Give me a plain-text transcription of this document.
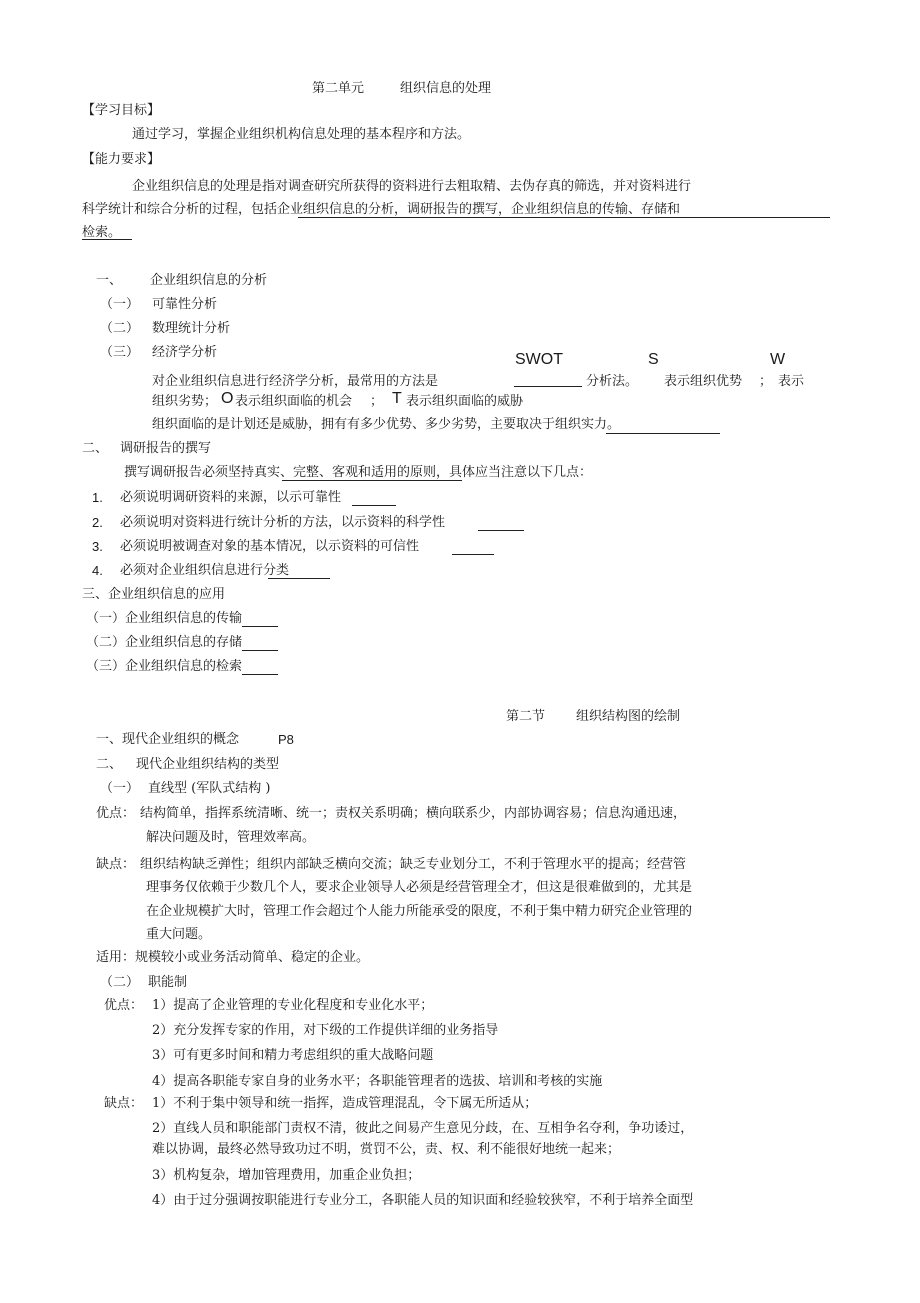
第二单元	组织信息的处理
【学习目标】
通过学习，掌握企业组织机构信息处理的基本程序和方法。
【能力要求】
企业组织信息的处理是指对调查研究所获得的资料进行去粗取精、去伪存真的筛选，并对资料进行
科学统计和综合分析的过程，包括企业组织信息的分析，调研报告的撰写，企业组织信息的传输、存储和
检索。
一、 企业组织信息的分析
（一） 可靠性分析
（二） 数理统计分析
（三） 经济学分析	SWOT	S	W
对企业组织信息进行经济学分析，最常用的方法是	分析法。 表示组织优势 ； 表示
组织劣势； O 表示组织面临的机会 ； T 表示组织面临的威胁
组织面临的是计划还是威胁，拥有有多少优势、多少劣势，主要取决于组织实力。
二、 调研报告的撰写
撰写调研报告必须坚持真实、完整、客观和适用的原则，具体应当注意以下几点：
1. 必须说明调研资料的来源，以示可靠性
2. 必须说明对资料进行统计分析的方法，以示资料的科学性
3. 必须说明被调查对象的基本情况，以示资料的可信性
4. 必须对企业组织信息进行分类
三、企业组织信息的应用
（一）企业组织信息的传输
（二）企业组织信息的存储
（三）企业组织信息的检索
第二节 组织结构图的绘制
一、现代企业组织的概念	P8
二、 现代企业组织结构的类型
（一） 直线型 (军队式结构 )
优点： 结构简单，指挥系统清晰、统一；责权关系明确；横向联系少，内部协调容易；信息沟通迅速，
解决问题及时，管理效率高。
缺点： 组织结构缺乏弹性；组织内部缺乏横向交流；缺乏专业划分工，不利于管理水平的提高；经营管
理事务仅依赖于少数几个人，要求企业领导人必须是经营管理全才，但这是很难做到的，尤其是
在企业规模扩大时，管理工作会超过个人能力所能承受的限度，不利于集中精力研究企业管理的
重大问题。
适用：规模较小或业务活动简单、稳定的企业。
（二） 职能制
优点： 1）提高了企业管理的专业化程度和专业化水平；
2）充分发挥专家的作用，对下级的工作提供详细的业务指导
3）可有更多时间和精力考虑组织的重大战略问题
4）提高各职能专家自身的业务水平；各职能管理者的选拔、培训和考核的实施
缺点： 1）不利于集中领导和统一指挥，造成管理混乱，令下属无所适从；
2）直线人员和职能部门责权不清，彼此之间易产生意见分歧，在、互相争名夺利，争功诿过，
难以协调，最终必然导致功过不明，赏罚不公，责、权、利不能很好地统一起来；
3）机构复杂，增加管理费用，加重企业负担；
4）由于过分强调按职能进行专业分工，各职能人员的知识面和经验较狭窄，不利于培养全面型
